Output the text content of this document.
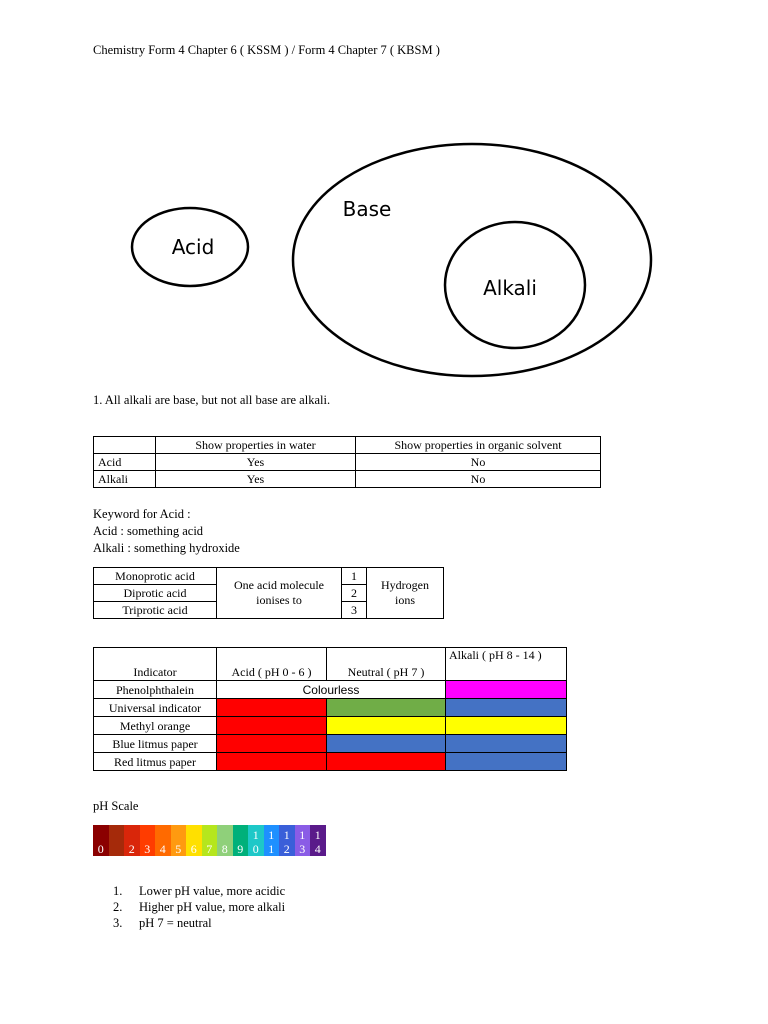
Chemistry Form 4 Chapter 6 ( KSSM ) / Form 4 Chapter 7 ( KBSM )
Acid
Base
Alkali
1. All alkali are base, but not all base are alkali.
	Show properties in water	Show properties in organic solvent
Acid	Yes	No
Alkali	Yes	No
Keyword for Acid :
Acid : something acid
Alkali : something hydroxide
Monoprotic acid	One acid molecule ionises to	1	Hydrogen ions
Diprotic acid		2	
Triprotic acid		3	
Indicator	Acid ( pH 0 - 6 )	Neutral ( pH 7 )	Alkali ( pH 8 - 14 )
Phenolphthalein	Colourless		
Universal indicator			
Methyl orange			
Blue litmus paper			
Red litmus paper			
pH Scale
0 2 3 4 5 6 7 8 9
1
0
1
1
1
2
1
3
1
4
1. Lower pH value, more acidic
2. Higher pH value, more alkali
3. pH 7 = neutral
